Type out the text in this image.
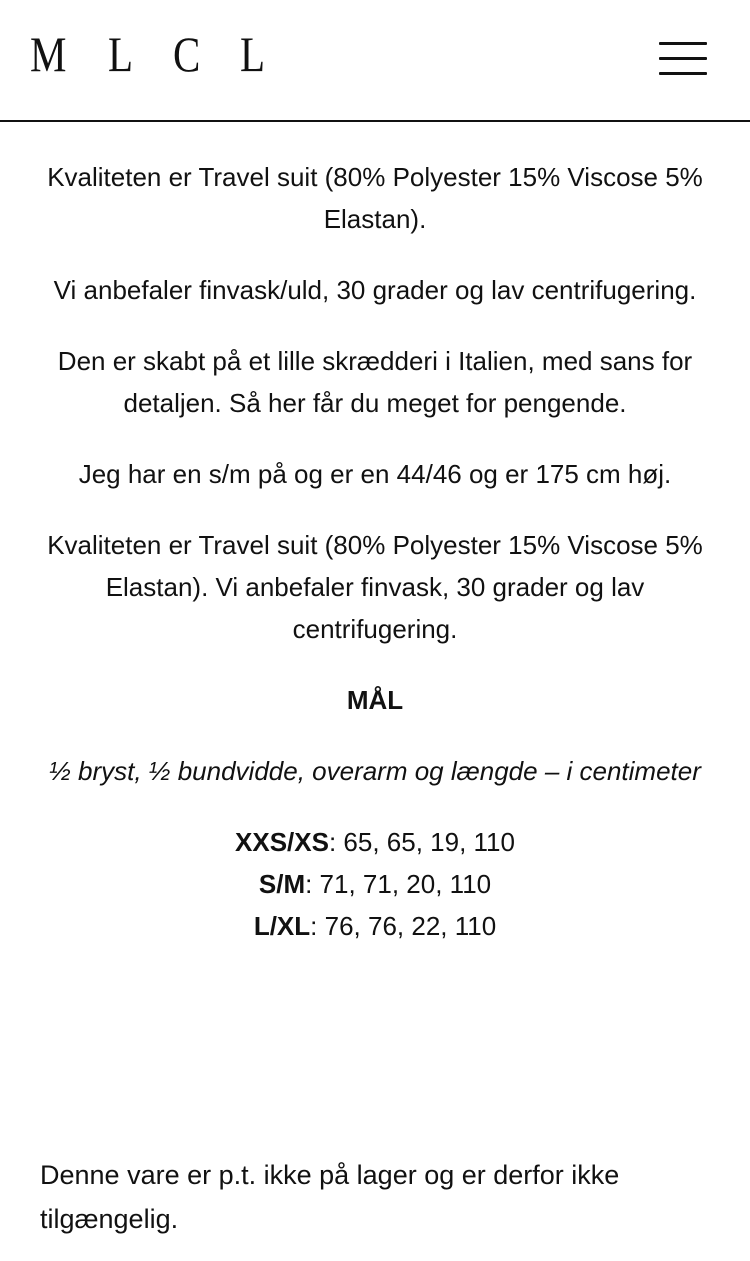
M L C L

Kvaliteten er Travel suit (80% Polyester 15% Viscose 5% Elastan).

Vi anbefaler finvask/uld, 30 grader og lav centrifugering.

Den er skabt på et lille skrædderi i Italien, med sans for detaljen. Så her får du meget for pengende.

Jeg har en s/m på og er en 44/46 og er 175 cm høj.

Kvaliteten er Travel suit (80% Polyester 15% Viscose 5% Elastan). Vi anbefaler finvask, 30 grader og lav centrifugering.

MÅL

½ bryst, ½ bundvidde, overarm og længde – i centimeter

XXS/XS: 65, 65, 19, 110
S/M: 71, 71, 20, 110
L/XL: 76, 76, 22, 110

Denne vare er p.t. ikke på lager og er derfor ikke tilgængelig.
